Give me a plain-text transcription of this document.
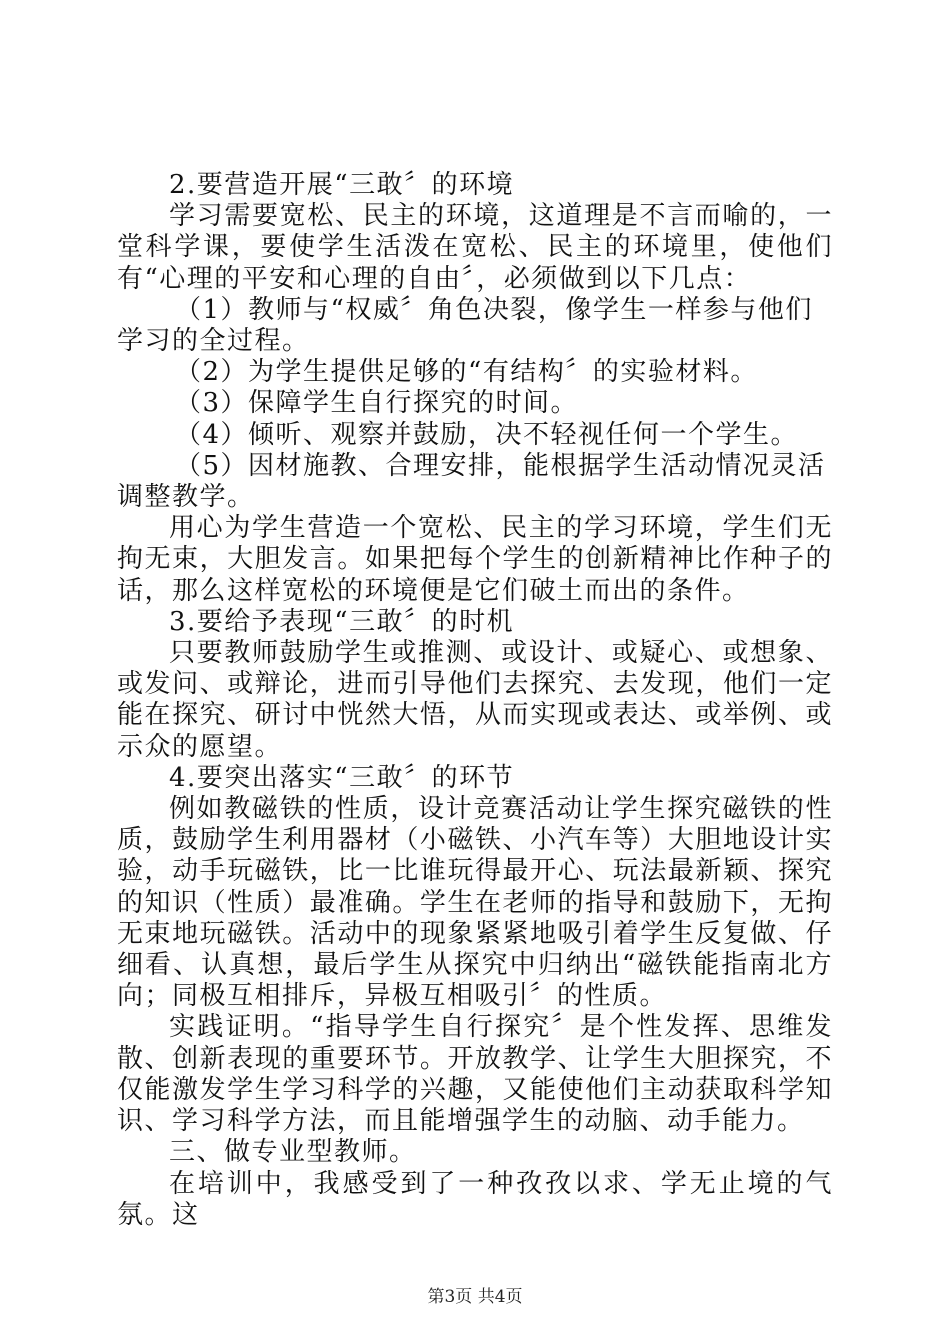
2.要营造开展“三敢〞的环境

学习需要宽松、民主的环境，这道理是不言而喻的，一堂科学课，要使学生活泼在宽松、民主的环境里，使他们有“心理的平安和心理的自由〞，必须做到以下几点：

（1）教师与“权威〞角色决裂，像学生一样参与他们学习的全过程。

（2）为学生提供足够的“有结构〞的实验材料。

（3）保障学生自行探究的时间。

（4）倾听、观察并鼓励，决不轻视任何一个学生。

（5）因材施教、合理安排，能根据学生活动情况灵活调整教学。

用心为学生营造一个宽松、民主的学习环境，学生们无拘无束，大胆发言。如果把每个学生的创新精神比作种子的话，那么这样宽松的环境便是它们破土而出的条件。

3.要给予表现“三敢〞的时机

只要教师鼓励学生或推测、或设计、或疑心、或想象、或发问、或辩论，进而引导他们去探究、去发现，他们一定能在探究、研讨中恍然大悟，从而实现或表达、或举例、或示众的愿望。

4.要突出落实“三敢〞的环节

例如教磁铁的性质，设计竞赛活动让学生探究磁铁的性质，鼓励学生利用器材（小磁铁、小汽车等）大胆地设计实验，动手玩磁铁，比一比谁玩得最开心、玩法最新颖、探究的知识（性质）最准确。学生在老师的指导和鼓励下，无拘无束地玩磁铁。活动中的现象紧紧地吸引着学生反复做、仔细看、认真想，最后学生从探究中归纳出“磁铁能指南北方向；同极互相排斥，异极互相吸引〞的性质。

实践证明。“指导学生自行探究〞是个性发挥、思维发散、创新表现的重要环节。开放教学、让学生大胆探究，不仅能激发学生学习科学的兴趣，又能使他们主动获取科学知识、学习科学方法，而且能增强学生的动脑、动手能力。

三、做专业型教师。

在培训中，我感受到了一种孜孜以求、学无止境的气氛。这

第3页 共4页
